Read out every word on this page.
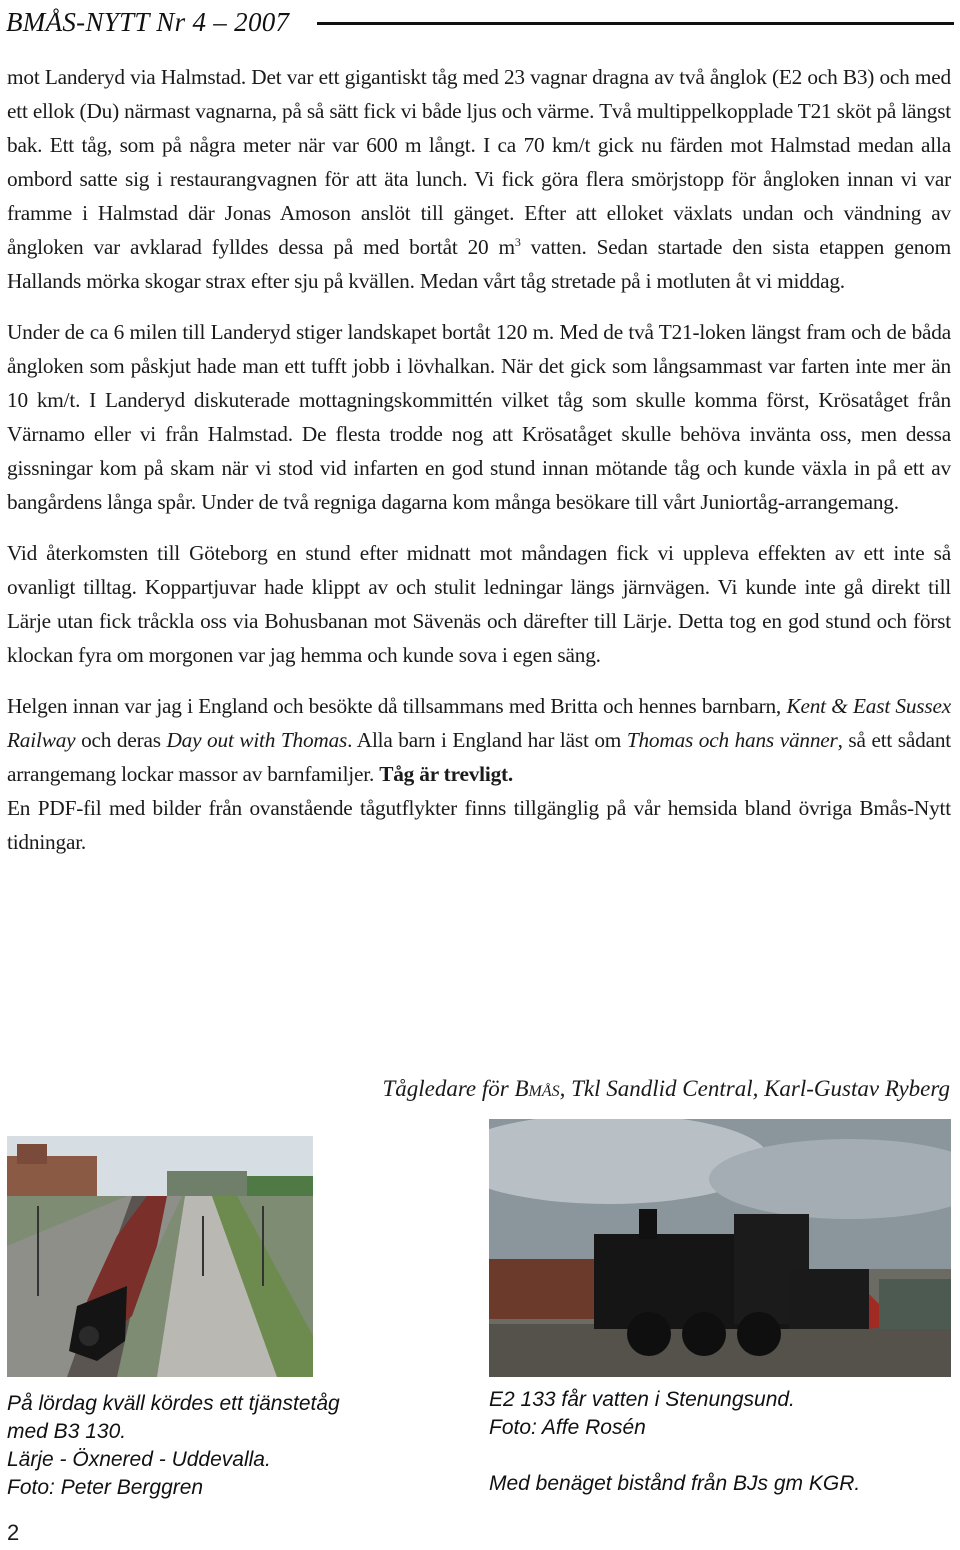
BMÅS-NYTT Nr 4 – 2007

mot Landeryd via Halmstad. Det var ett gigantiskt tåg med 23 vagnar dragna av två ånglok (E2 och B3) och med ett ellok (Du) närmast vagnarna, på så sätt fick vi både ljus och värme. Två multippelkopplade T21 sköt på längst bak. Ett tåg, som på några meter när var 600 m långt. I ca 70 km/t gick nu färden mot Halmstad medan alla ombord satte sig i restaurangvagnen för att äta lunch. Vi fick göra flera smörjstopp för ångloken innan vi var framme i Halmstad där Jonas Amoson anslöt till gänget. Efter att elloket växlats undan och vändning av ångloken var avklarad fylldes dessa på med bortåt 20 $m^3$ vatten. Sedan startade den sista etappen genom Hallands mörka skogar strax efter sju på kvällen. Medan vårt tåg stretade på i motluten åt vi middag.

Under de ca 6 milen till Landeryd stiger landskapet bortåt 120 m. Med de två T21-loken längst fram och de båda ångloken som påskjut hade man ett tufft jobb i lövhalkan. När det gick som långsammast var farten inte mer än 10 km/t. I Landeryd diskuterade mottagningskommittén vilket tåg som skulle komma först, Krösatåget från Värnamo eller vi från Halmstad. De flesta trodde nog att Krösatåget skulle behöva invänta oss, men dessa gissningar kom på skam när vi stod vid infarten en god stund innan mötande tåg och kunde växla in på ett av bangårdens långa spår. Under de två regniga dagarna kom många besökare till vårt Juniortåg-arrangemang.

Vid återkomsten till Göteborg en stund efter midnatt mot måndagen fick vi uppleva effekten av ett inte så ovanligt tilltag. Koppartjuvar hade klippt av och stulit ledningar längs järnvägen. Vi kunde inte gå direkt till Lärje utan fick tråckla oss via Bohusbanan mot Sävenäs och därefter till Lärje. Detta tog en god stund och först klockan fyra om morgonen var jag hemma och kunde sova i egen säng.

Helgen innan var jag i England och besökte då tillsammans med Britta och hennes barnbarn, Kent & East Sussex Railway och deras Day out with Thomas. Alla barn i England har läst om Thomas och hans vänner, så ett sådant arrangemang lockar massor av barnfamiljer. Tåg är trevligt.

En PDF-fil med bilder från ovanstående tågutflykter finns tillgänglig på vår hemsida bland övriga Bmås-Nytt tidningar.

Tågledare för BMÅS, Tkl Sandlid Central, Karl-Gustav Ryberg
På lördag kväll kördes ett tjänstetåg
med B3 130.
Lärje - Öxnered - Uddevalla.
Foto: Peter Berggren
E2 133 får vatten i Stenungsund.
Foto: Affe Rosén
Med benäget bistånd från BJs gm KGR.
2
